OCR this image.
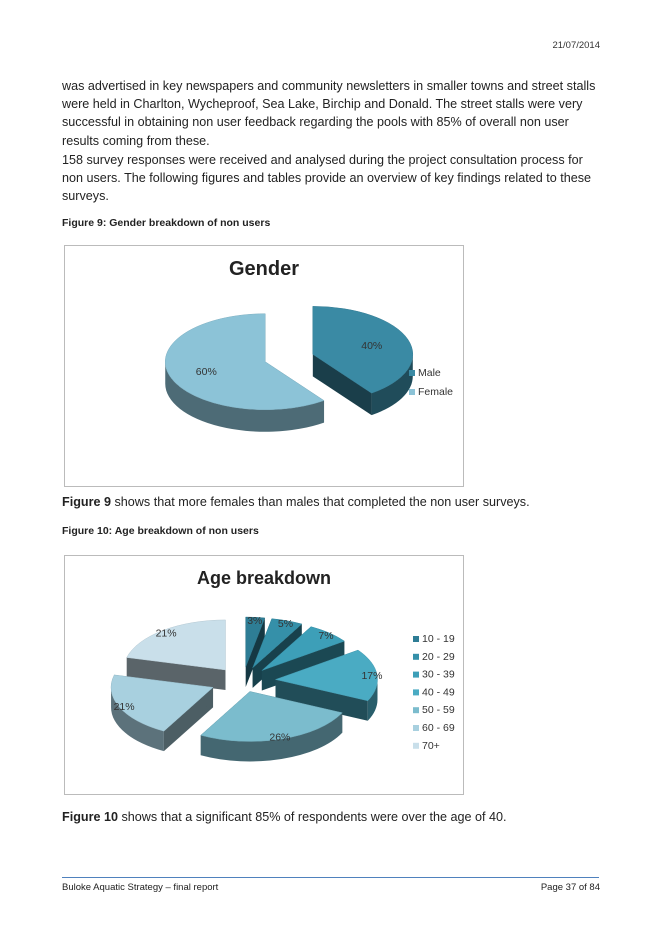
21/07/2014

was advertised in key newspapers and community newsletters in smaller towns and street stalls were held in Charlton, Wycheproof, Sea Lake, Birchip and Donald. The street stalls were very successful in obtaining non user feedback regarding the pools with 85% of overall non user results coming from these.

158 survey responses were received and analysed during the project consultation process for non users. The following figures and tables provide an overview of key findings related to these surveys.

Figure 9: Gender breakdown of non users

Gender
40%
60%	Male
Female

Figure 9 shows that more females than males that completed the non user surveys.

Figure 10: Age breakdown of non users

Age breakdown
3% 5%
7%
17%
26%
21%
21%	10 - 19
20 - 29
30 - 39
40 - 49
50 - 59
60 - 69
70+

Figure 10 shows that a significant 85% of respondents were over the age of 40.

Buloke Aquatic Strategy – final report	Page 37 of 84
